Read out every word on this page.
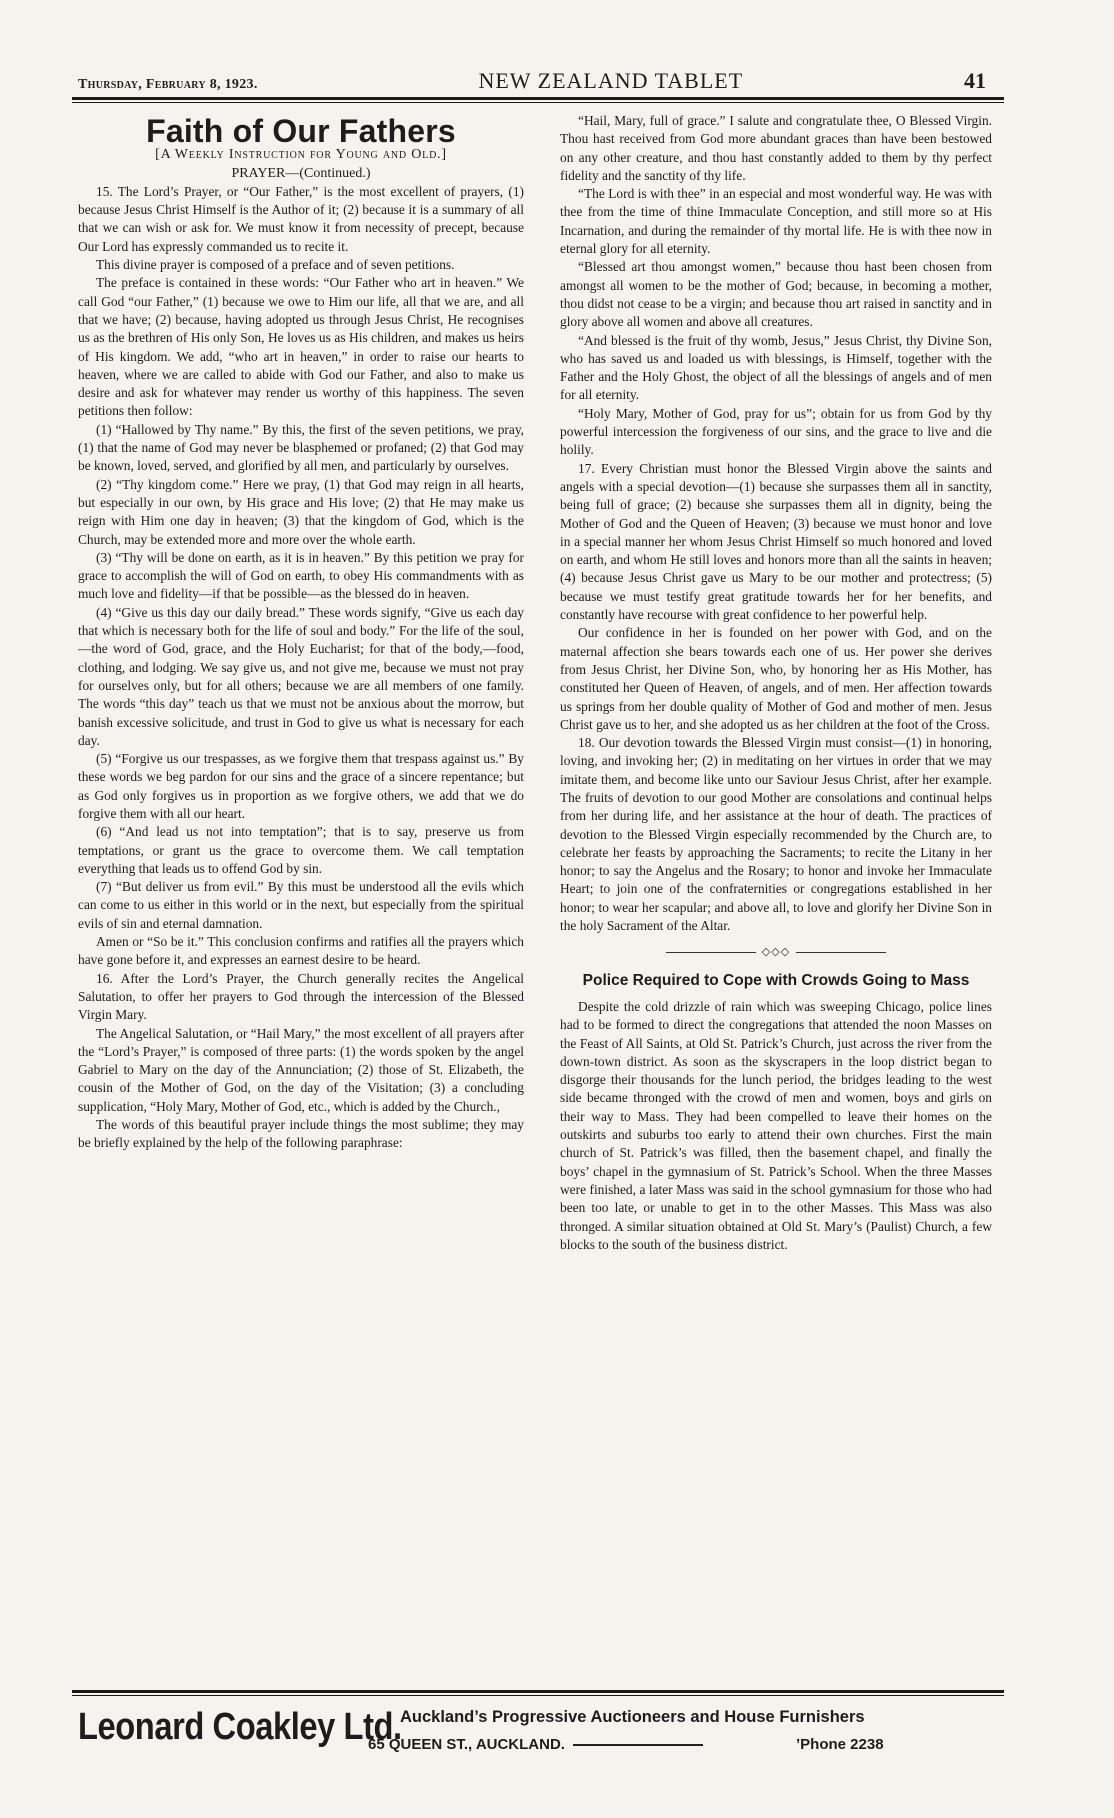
Thursday, February 8, 1923.	NEW ZEALAND TABLET	41
Faith of Our Fathers

[A Weekly Instruction for Young and Old.]

PRAYER—(Continued.)

15. The Lord’s Prayer, or “Our Father,” is the most excellent of prayers, (1) because Jesus Christ Himself is the Author of it; (2) because it is a summary of all that we can wish or ask for. We must know it from necessity of precept, because Our Lord has expressly commanded us to recite it.

This divine prayer is composed of a preface and of seven petitions.

The preface is contained in these words: “Our Father who art in heaven.” We call God “our Father,” (1) because we owe to Him our life, all that we are, and all that we have; (2) because, having adopted us through Jesus Christ, He recognises us as the brethren of His only Son, He loves us as His children, and makes us heirs of His kingdom. We add, “who art in heaven,” in order to raise our hearts to heaven, where we are called to abide with God our Father, and also to make us desire and ask for whatever may render us worthy of this happiness. The seven petitions then follow:

(1) “Hallowed by Thy name.” By this, the first of the seven petitions, we pray, (1) that the name of God may never be blasphemed or profaned; (2) that God may be known, loved, served, and glorified by all men, and particularly by ourselves.

(2) “Thy kingdom come.” Here we pray, (1) that God may reign in all hearts, but especially in our own, by His grace and His love; (2) that He may make us reign with Him one day in heaven; (3) that the kingdom of God, which is the Church, may be extended more and more over the whole earth.

(3) “Thy will be done on earth, as it is in heaven.” By this petition we pray for grace to accomplish the will of God on earth, to obey His commandments with as much love and fidelity—if that be possible—as the blessed do in heaven.

(4) “Give us this day our daily bread.” These words signify, “Give us each day that which is necessary both for the life of soul and body.” For the life of the soul, —the word of God, grace, and the Holy Eucharist; for that of the body,—food, clothing, and lodging. We say give us, and not give me, because we must not pray for ourselves only, but for all others; because we are all members of one family. The words “this day” teach us that we must not be anxious about the morrow, but banish excessive solicitude, and trust in God to give us what is necessary for each day.

(5) “Forgive us our trespasses, as we forgive them that trespass against us.” By these words we beg pardon for our sins and the grace of a sincere repentance; but as God only forgives us in proportion as we forgive others, we add that we do forgive them with all our heart.

(6) “And lead us not into temptation”; that is to say, preserve us from temptations, or grant us the grace to overcome them. We call temptation everything that leads us to offend God by sin.

(7) “But deliver us from evil.” By this must be understood all the evils which can come to us either in this world or in the next, but especially from the spiritual evils of sin and eternal damnation.

Amen or “So be it.” This conclusion confirms and ratifies all the prayers which have gone before it, and expresses an earnest desire to be heard.

16. After the Lord’s Prayer, the Church generally recites the Angelical Salutation, to offer her prayers to God through the intercession of the Blessed Virgin Mary.

The Angelical Salutation, or “Hail Mary,” the most excellent of all prayers after the “Lord’s Prayer,” is composed of three parts: (1) the words spoken by the angel Gabriel to Mary on the day of the Annunciation; (2) those of St. Elizabeth, the cousin of the Mother of God, on the day of the Visitation; (3) a concluding supplication, “Holy Mary, Mother of God, etc., which is added by the Church.,

The words of this beautiful prayer include things the most sublime; they may be briefly explained by the help of the following paraphrase:

“Hail, Mary, full of grace.” I salute and congratulate thee, O Blessed Virgin. Thou hast received from God more abundant graces than have been bestowed on any other creature, and thou hast constantly added to them by thy perfect fidelity and the sanctity of thy life.

“The Lord is with thee” in an especial and most wonderful way. He was with thee from the time of thine Immaculate Conception, and still more so at His Incarnation, and during the remainder of thy mortal life. He is with thee now in eternal glory for all eternity.

“Blessed art thou amongst women,” because thou hast been chosen from amongst all women to be the mother of God; because, in becoming a mother, thou didst not cease to be a virgin; and because thou art raised in sanctity and in glory above all women and above all creatures.

“And blessed is the fruit of thy womb, Jesus,” Jesus Christ, thy Divine Son, who has saved us and loaded us with blessings, is Himself, together with the Father and the Holy Ghost, the object of all the blessings of angels and of men for all eternity.

“Holy Mary, Mother of God, pray for us”; obtain for us from God by thy powerful intercession the forgiveness of our sins, and the grace to live and die holily.

17. Every Christian must honor the Blessed Virgin above the saints and angels with a special devotion—(1) because she surpasses them all in sanctity, being full of grace; (2) because she surpasses them all in dignity, being the Mother of God and the Queen of Heaven; (3) because we must honor and love in a special manner her whom Jesus Christ Himself so much honored and loved on earth, and whom He still loves and honors more than all the saints in heaven; (4) because Jesus Christ gave us Mary to be our mother and protectress; (5) because we must testify great gratitude towards her for her benefits, and constantly have recourse with great confidence to her powerful help.

Our confidence in her is founded on her power with God, and on the maternal affection she bears towards each one of us. Her power she derives from Jesus Christ, her Divine Son, who, by honoring her as His Mother, has constituted her Queen of Heaven, of angels, and of men. Her affection towards us springs from her double quality of Mother of God and mother of men. Jesus Christ gave us to her, and she adopted us as her children at the foot of the Cross.

18. Our devotion towards the Blessed Virgin must consist—(1) in honoring, loving, and invoking her; (2) in meditating on her virtues in order that we may imitate them, and become like unto our Saviour Jesus Christ, after her example. The fruits of devotion to our good Mother are consolations and continual helps from her during life, and her assistance at the hour of death. The practices of devotion to the Blessed Virgin especially recommended by the Church are, to celebrate her feasts by approaching the Sacraments; to recite the Litany in her honor; to say the Angelus and the Rosary; to honor and invoke her Immaculate Heart; to join one of the confraternities or congregations established in her honor; to wear her scapular; and above all, to love and glorify her Divine Son in the holy Sacrament of the Altar.

◇◇◇
Police Required to Cope with Crowds Going to Mass

Despite the cold drizzle of rain which was sweeping Chicago, police lines had to be formed to direct the congregations that attended the noon Masses on the Feast of All Saints, at Old St. Patrick’s Church, just across the river from the down-town district. As soon as the skyscrapers in the loop district began to disgorge their thousands for the lunch period, the bridges leading to the west side became thronged with the crowd of men and women, boys and girls on their way to Mass. They had been compelled to leave their homes on the outskirts and suburbs too early to attend their own churches. First the main church of St. Patrick’s was filled, then the basement chapel, and finally the boys’ chapel in the gymnasium of St. Patrick’s School. When the three Masses were finished, a later Mass was said in the school gymnasium for those who had been too late, or unable to get in to the other Masses. This Mass was also thronged. A similar situation obtained at Old St. Mary’s (Paulist) Church, a few blocks to the south of the business district.

Leonard Coakley Ltd.
Auckland’s Progressive Auctioneers and House Furnishers
65 QUEEN ST., AUCKLAND.	’Phone 2238
